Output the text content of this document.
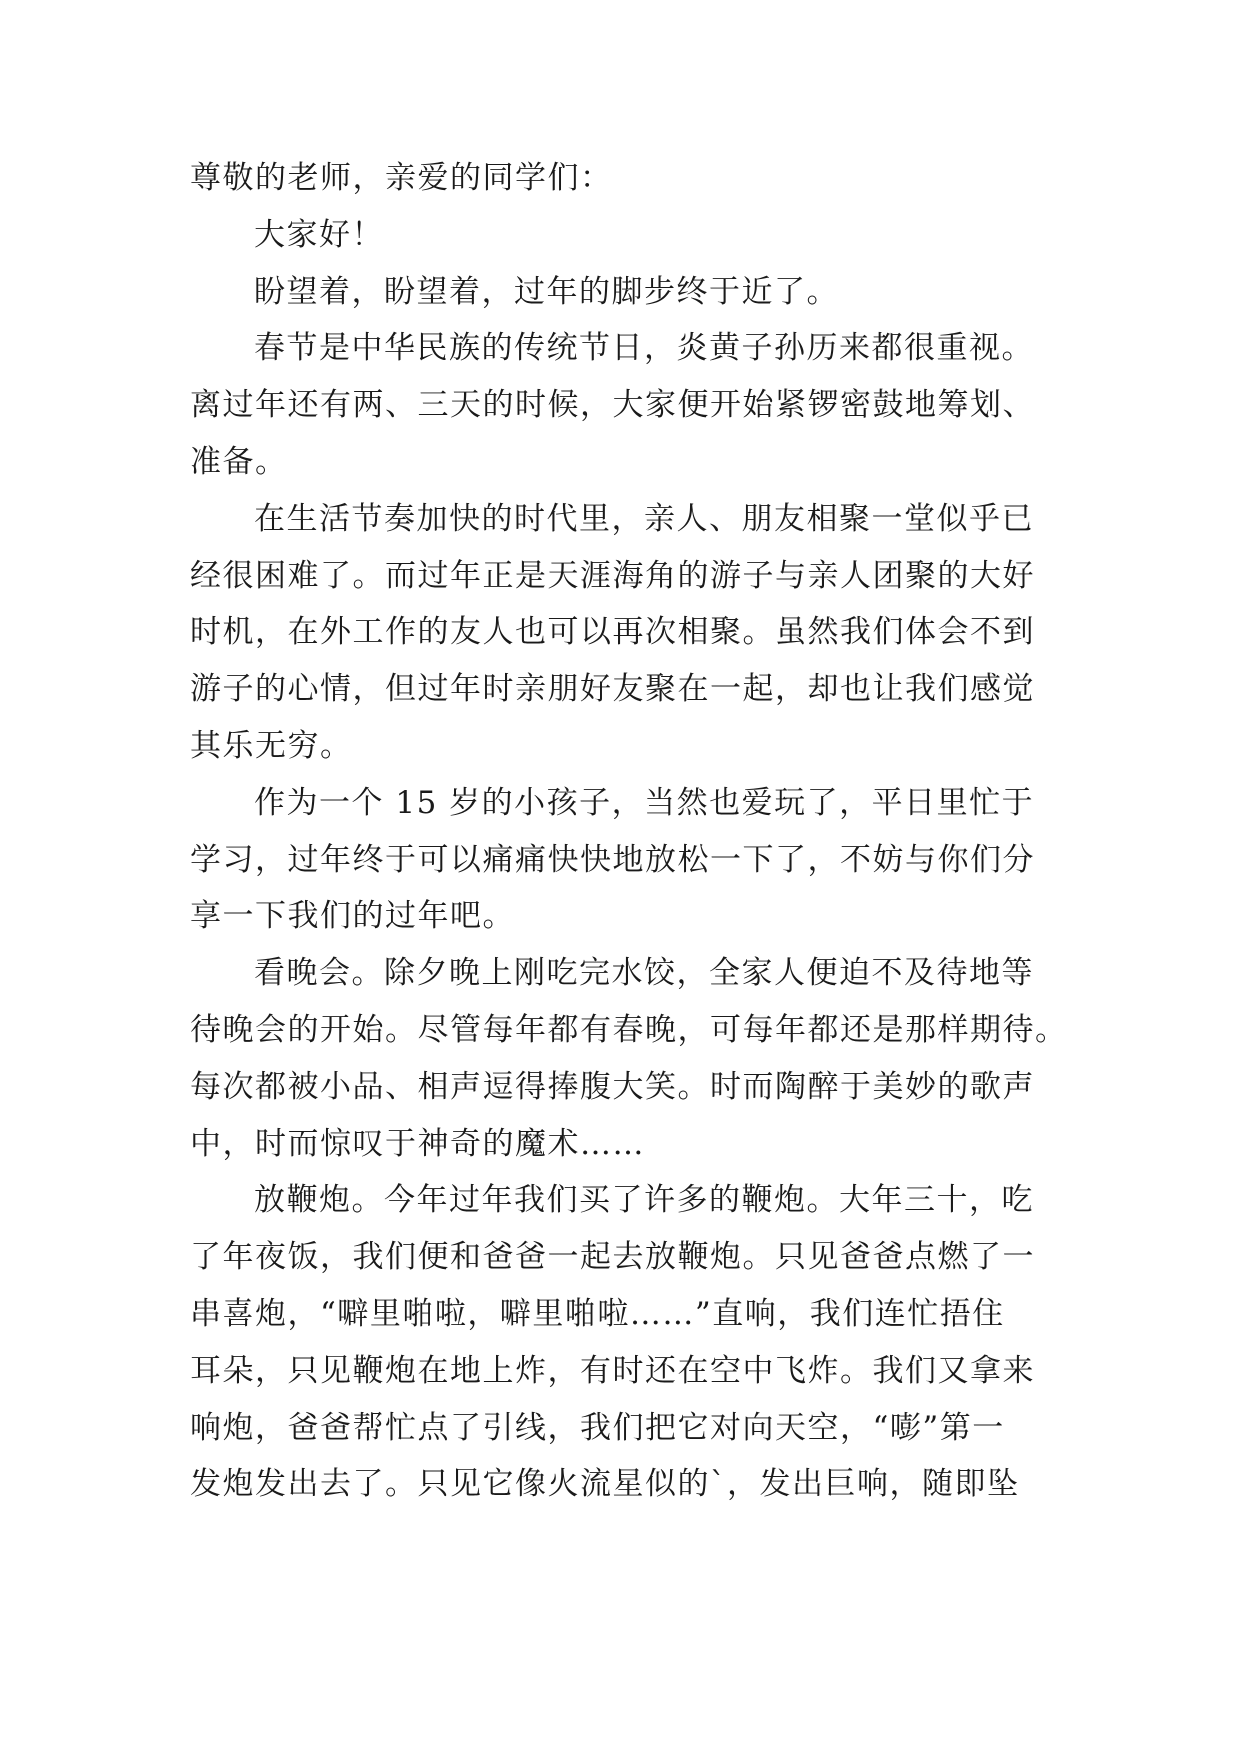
尊敬的老师，亲爱的同学们：
大家好！
盼望着，盼望着，过年的脚步终于近了。
春节是中华民族的传统节日，炎黄子孙历来都很重视。
离过年还有两、三天的时候，大家便开始紧锣密鼓地筹划、
准备。
在生活节奏加快的时代里，亲人、朋友相聚一堂似乎已
经很困难了。而过年正是天涯海角的游子与亲人团聚的大好
时机，在外工作的友人也可以再次相聚。虽然我们体会不到
游子的心情，但过年时亲朋好友聚在一起，却也让我们感觉
其乐无穷。
作为一个 15 岁的小孩子，当然也爱玩了，平日里忙于
学习，过年终于可以痛痛快快地放松一下了，不妨与你们分
享一下我们的过年吧。
看晚会。除夕晚上刚吃完水饺，全家人便迫不及待地等
待晚会的开始。尽管每年都有春晚，可每年都还是那样期待。
每次都被小品、相声逗得捧腹大笑。时而陶醉于美妙的歌声
中，时而惊叹于神奇的魔术……
放鞭炮。今年过年我们买了许多的鞭炮。大年三十，吃
了年夜饭，我们便和爸爸一起去放鞭炮。只见爸爸点燃了一
串喜炮，“噼里啪啦，噼里啪啦……”直响，我们连忙捂住
耳朵，只见鞭炮在地上炸，有时还在空中飞炸。我们又拿来
响炮，爸爸帮忙点了引线，我们把它对向天空，“嘭”第一
发炮发出去了。只见它像火流星似的`，发出巨响，随即坠
